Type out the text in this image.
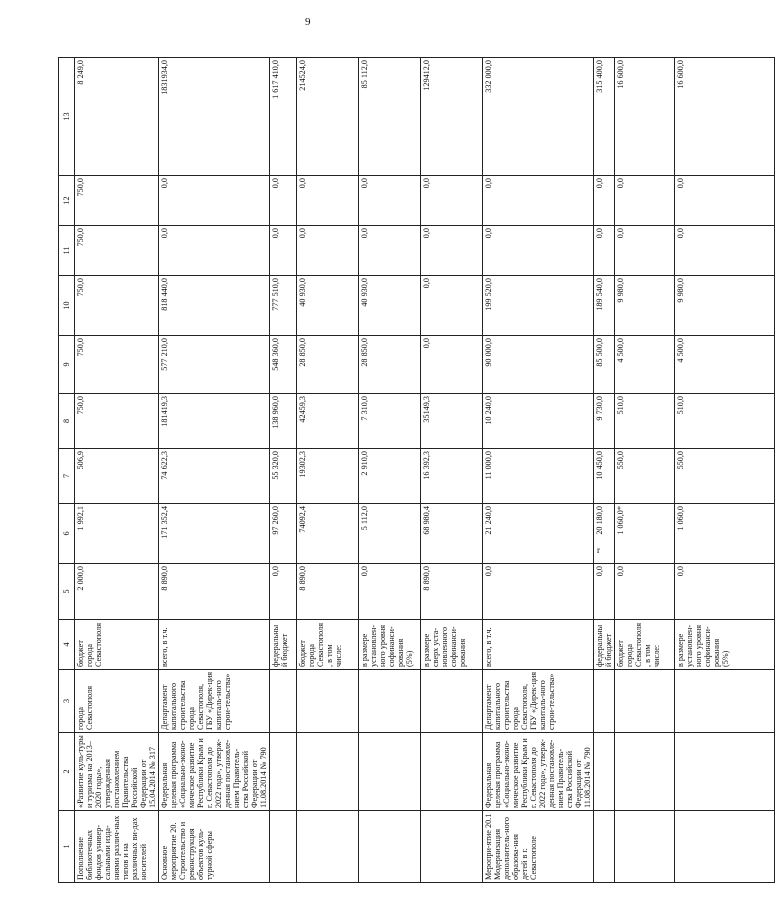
9
1	2	3	4	5	6	7	8	9	10	11	12	13
Пополнение библиотечных фондов универ-сальными изда-ниями различ-ных типов и на различных ви-дах носителей	«Развитие куль-туры и туризма на 2013–2020 годы», утвержденная постановлением Правительства Российской Федерации от 15.04.2014 № 317	города Севастополя	бюджет города Севастополя	2 000,0	1 992,1	506,9	750,0	750,0	750,0	750,0	750,0	8 249,0
Основное мероприятие 20. Строительство и реконструкция объектов куль-турной сферы	Федеральная целевая программа «Социально-эконо-мическое развитие Республики Крым и г. Севастополя до 2022 года», утверж-денная постановле-нием Правитель-ства Российской Федерации от 11.08.2014 № 790	Департамент капитального строительства города Севастополя, ГБУ «Дирек-ция капиталь-ного строи-тельства»	всего, в т.ч.	8 890,0	171 352,4	74 622,3	181419,3	577 210,0	818 440,0	0,0	0,0	1831934,0
			федеральный бюджет	0,0	97 260,0	55 320,0	138 960,0	548 360,0	777 510,0	0,0	0,0	1 617 410,0
			бюджет города Севастополя, в том числе:	8 890,0	74092,4	19302,3	42459,3	28 850,0	40 930,0	0,0	0,0	214524,0
			в размере установлен-ного уровня софинанси-рования (5%)	0,0	5 112,0	2 910,0	7 310,0	28 850,0	40 930,0	0,0	0,0	85 112,0
			в размере сверх уста-новленного софинанси-рования	8 890,0	68 980,4	16 392,3	35149,3	0,0	0,0	0,0	0,0	129412,0
Меропри-ятие 20.1 Модернизация дополнитель-ного образова-ния детей в г. Севастополе	Федеральная целевая программа «Социально-эконо-мическое развитие Республики Крым и г. Севастополя до 2022 года», утверж-денная постановле-нием Правитель-ства Российской Федерации от 11.08.2014 № 790	Департамент капитального строительства города Севастополя, ГБУ «Дирек-ция капиталь-ного строи-тельства»	всего, в т.ч.	0,0	21 240,0	11 000,0	10 240,0	90 000,0	199 520,0	0,0	0,0	332 000,0
			федеральный бюджет	0,0	20 180,0	10 450,0	9 730,0	85 500,0	189 540,0	0,0	0,0	315 400,0
			бюджет города Севастополя, в том числе:	0,0	1 060,0*	550,0	510,0	4 500,0	9 980,0	0,0	0,0	16 600,0
			в размере установлен-ного уровня софинанси-рования (5%)	0,0	1 060,0	550,0	510,0	4 500,0	9 980,0	0,0	0,0	16 600,0
r
